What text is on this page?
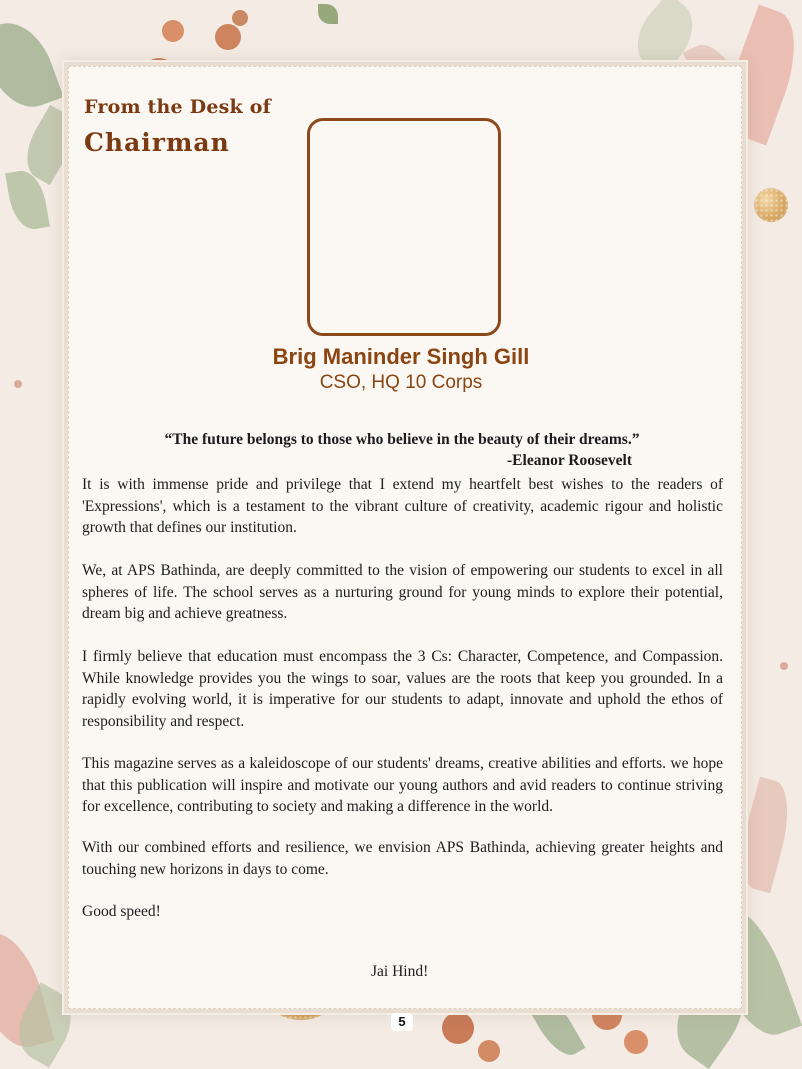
From the Desk of
Chairman
Brig Maninder Singh Gill
CSO, HQ 10 Corps
“The future belongs to those who believe in the beauty of their dreams.”
-Eleanor Roosevelt

It is with immense pride and privilege that I extend my heartfelt best wishes to the readers of 'Expressions', which is a testament to the vibrant culture of creativity, academic rigour and holistic growth that defines our institution.

We, at APS Bathinda, are deeply committed to the vision of empowering our students to excel in all spheres of life. The school serves as a nurturing ground for young minds to explore their potential, dream big and achieve greatness.

I firmly believe that education must encompass the 3 Cs: Character, Competence, and Compassion. While knowledge provides you the wings to soar, values are the roots that keep you grounded. In a rapidly evolving world, it is imperative for our students to adapt, innovate and uphold the ethos of responsibility and respect.

This magazine serves as a kaleidoscope of our students' dreams, creative abilities and efforts. we hope that this publication will inspire and motivate our young authors and avid readers to continue striving for excellence, contributing to society and making a difference in the world.

With our combined efforts and resilience, we envision APS Bathinda, achieving greater heights and touching new horizons in days to come.

Good speed!

Jai Hind!
5
